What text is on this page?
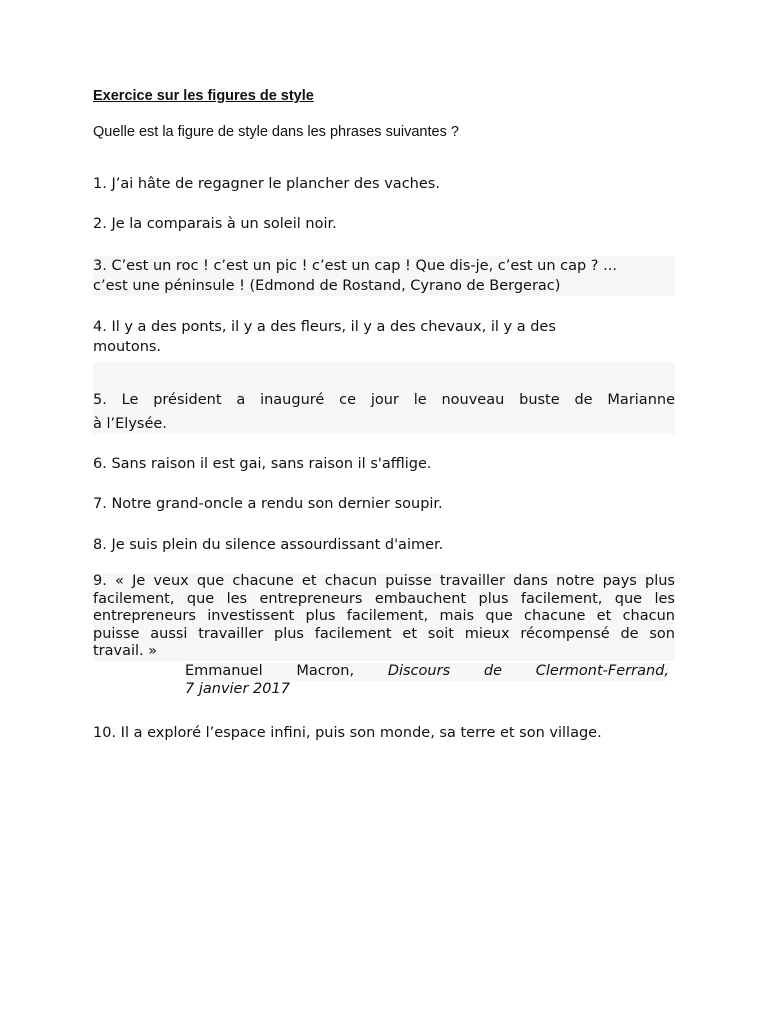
Exercice sur les figures de style
Quelle est la figure de style dans les phrases suivantes ?
1. J’ai hâte de regagner le plancher des vaches.
2. Je la comparais à un soleil noir.
3. C’est un roc ! c’est un pic ! c’est un cap ! Que dis-je, c’est un cap ? ...
c’est une péninsule ! (Edmond de Rostand, Cyrano de Bergerac)
4. Il y a des ponts, il y a des fleurs, il y a des chevaux, il y a des
moutons.
5. Le président a inauguré ce jour le nouveau buste de Marianne
à l’Elysée.
6. Sans raison il est gai, sans raison il s'afflige.
7. Notre grand-oncle a rendu son dernier soupir.
8. Je suis plein du silence assourdissant d'aimer.
9. « Je veux que chacune et chacun puisse travailler dans notre pays plus
facilement, que les entrepreneurs embauchent plus facilement, que les
entrepreneurs investissent plus facilement, mais que chacune et chacun
puisse aussi travailler plus facilement et soit mieux récompensé de son
travail. »
Emmanuel Macron, Discours de Clermont-Ferrand,
7 janvier 2017
10. Il a exploré l’espace infini, puis son monde, sa terre et son village.
